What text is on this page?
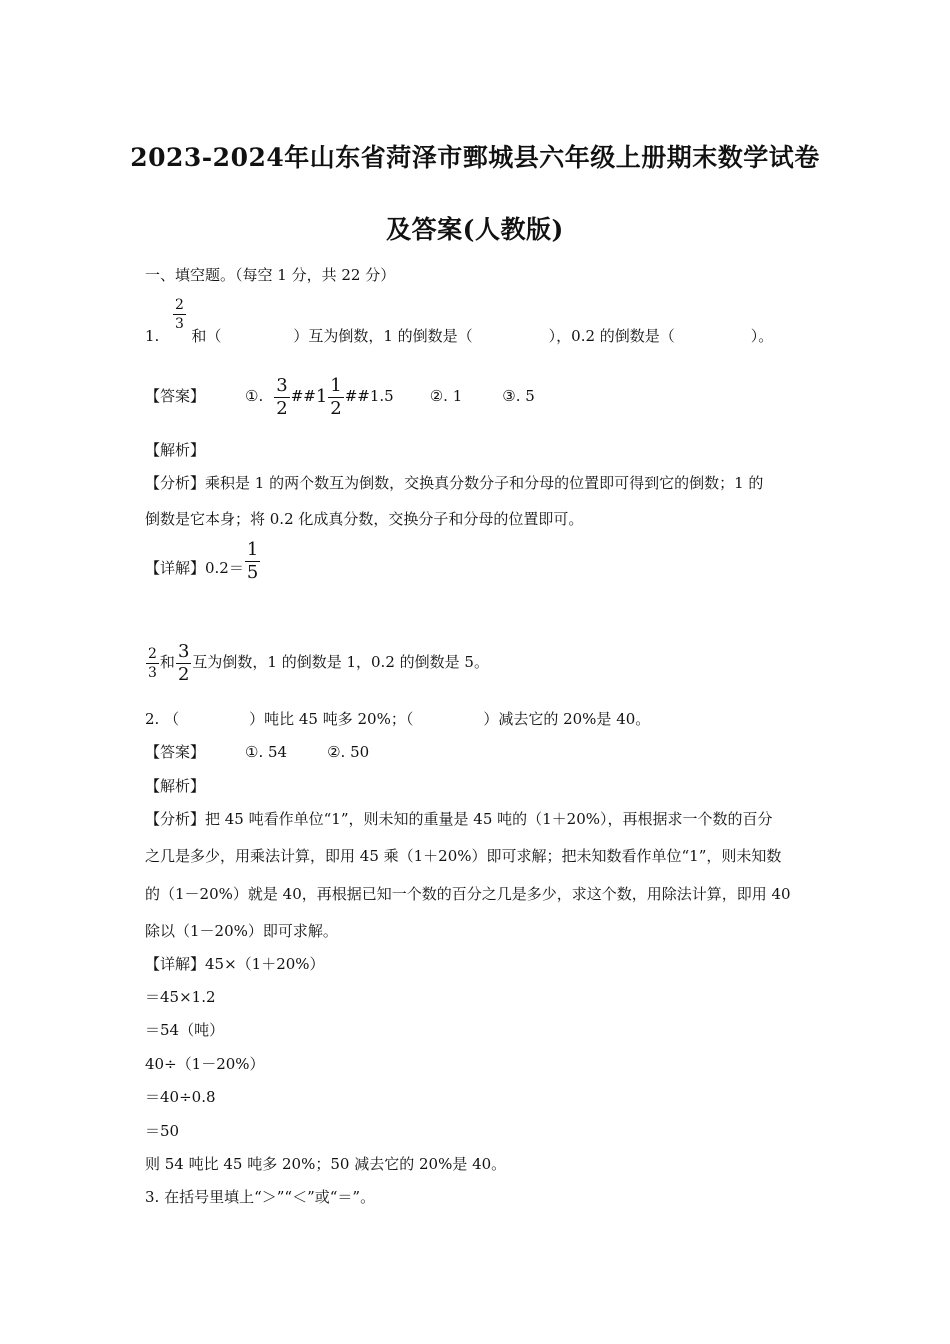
2023-2024年山东省菏泽市鄄城县六年级上册期末数学试卷
及答案(人教版)
一、填空题。（每空 1 分，共 22 分）
$\frac{2}{3}$
1. 和（	）互为倒数，1 的倒数是（	），0.2 的倒数是（	）。
【答案】	①. $\frac{3}{2}$ ##1 $\frac{1}{2}$ ##1.5 ②. 1	③. 5
【解析】
【分析】乘积是 1 的两个数互为倒数，交换真分数分子和分母的位置即可得到它的倒数；1 的
倒数是它本身；将 0.2 化成真分数，交换分子和分母的位置即可。
【详解】$0.2= \frac{1}{5}$
$\frac{2}{3}$ 和 $\frac{3}{2}$ 互为倒数，1 的倒数是 1，0.2 的倒数是 5。
2. （	）吨比 45 吨多 20%；（	）减去它的 20%是 40。
【答案】	①. 54	②. 50
【解析】
【分析】把 45 吨看作单位“1”，则未知的重量是 45 吨的（1＋20%），再根据求一个数的百分
之几是多少，用乘法计算，即用 45 乘（1＋20%）即可求解；把未知数看作单位“1”，则未知数
的（1－20%）就是 40，再根据已知一个数的百分之几是多少，求这个数，用除法计算，即用 40
除以（1－20%）即可求解。
【详解】45×（1＋20%）
＝45×1.2
＝54（吨）
40÷（1－20%）
＝40÷0.8
＝50
则 54 吨比 45 吨多 20%；50 减去它的 20%是 40。
3. 在括号里填上“＞”“＜”或“＝”。
